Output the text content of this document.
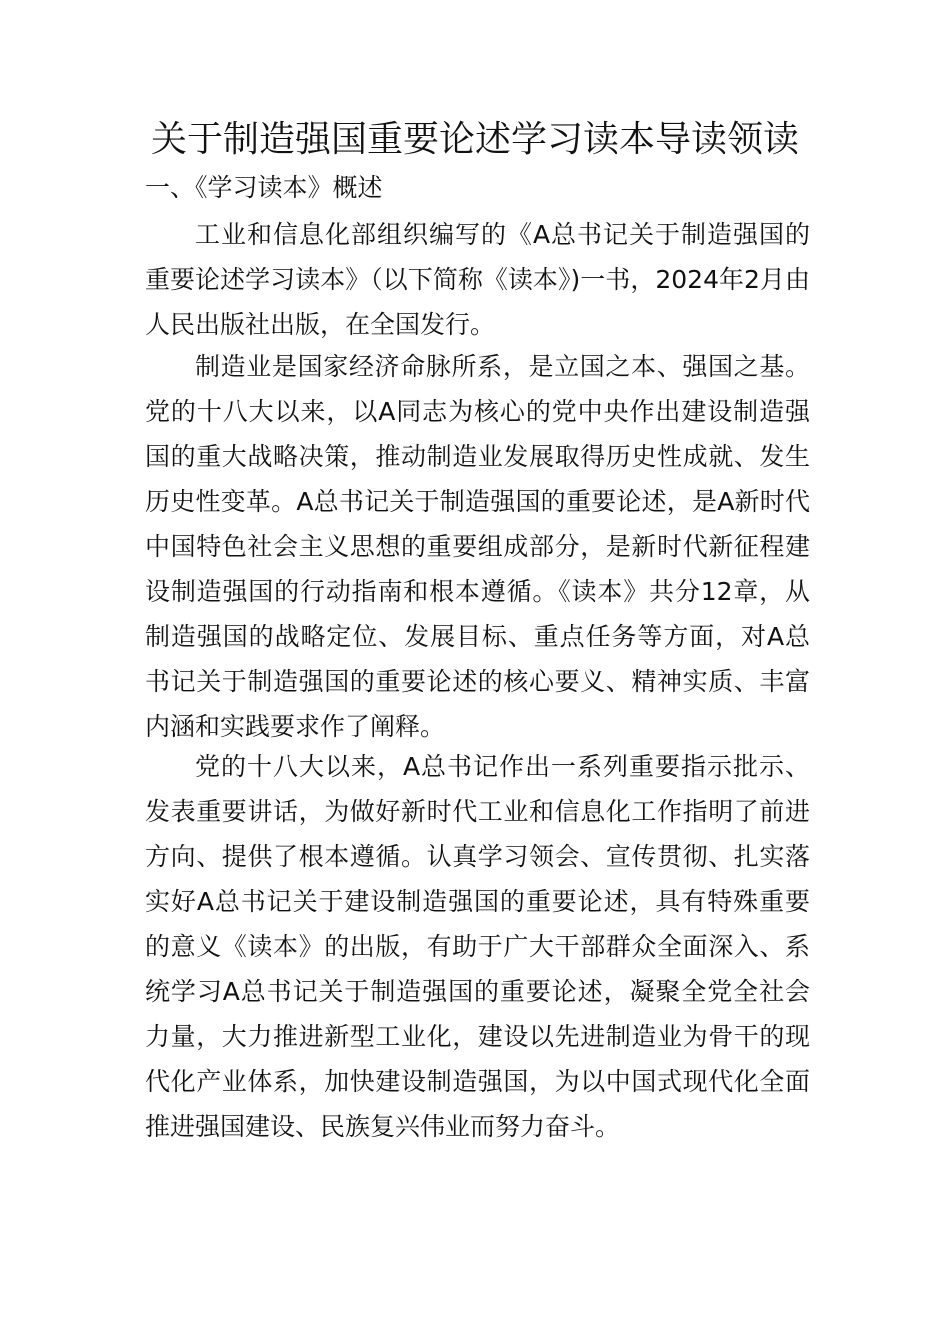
关于制造强国重要论述学习读本导读领读
一、《学习读本》概述

工业和信息化部组织编写的《A总书记关于制造强国的重要论述学习读本》（以下简称《读本》)一书，2024年2月由人民出版社出版，在全国发行。

制造业是国家经济命脉所系，是立国之本、强国之基。党的十八大以来，以A同志为核心的党中央作出建设制造强国的重大战略决策，推动制造业发展取得历史性成就、发生历史性变革。A总书记关于制造强国的重要论述，是A新时代中国特色社会主义思想的重要组成部分，是新时代新征程建设制造强国的行动指南和根本遵循。《读本》共分12章，从制造强国的战略定位、发展目标、重点任务等方面，对A总书记关于制造强国的重要论述的核心要义、精神实质、丰富内涵和实践要求作了阐释。

党的十八大以来，A总书记作出一系列重要指示批示、发表重要讲话，为做好新时代工业和信息化工作指明了前进方向、提供了根本遵循。认真学习领会、宣传贯彻、扎实落实好A总书记关于建设制造强国的重要论述，具有特殊重要的意义《读本》的出版，有助于广大干部群众全面深入、系统学习A总书记关于制造强国的重要论述，凝聚全党全社会力量，大力推进新型工业化，建设以先进制造业为骨干的现代化产业体系，加快建设制造强国，为以中国式现代化全面推进强国建设、民族复兴伟业而努力奋斗。
